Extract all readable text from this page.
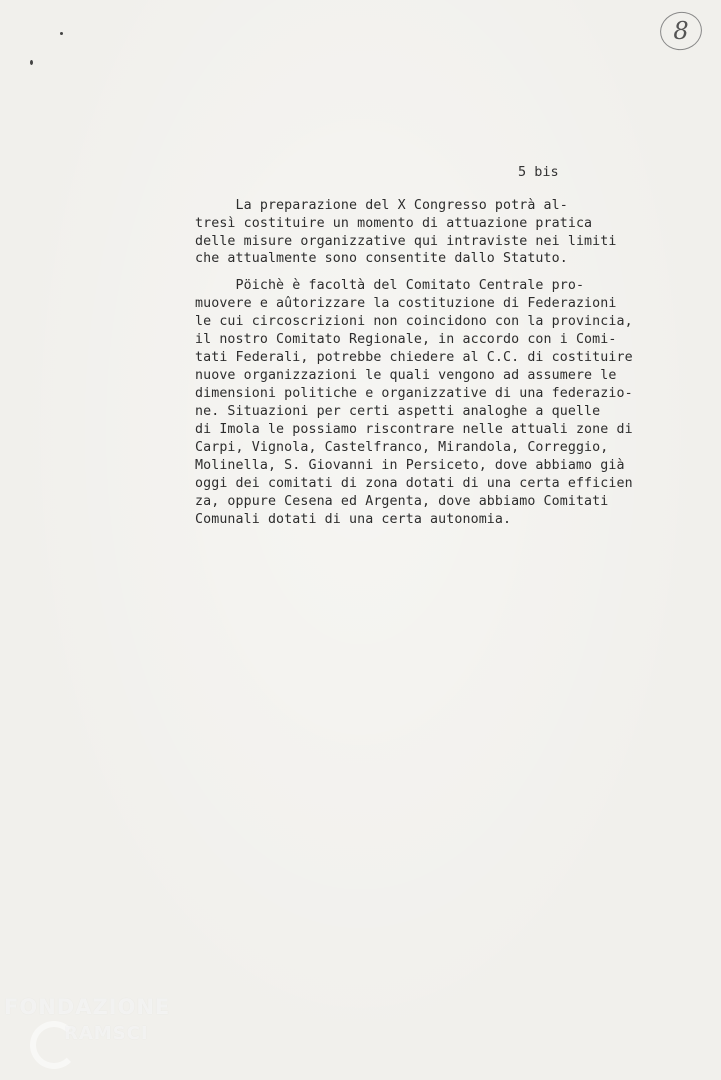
8
5 bis
La preparazione del X Congresso potrà al-
tresì costituire un momento di attuazione pratica
delle misure organizzative qui intraviste nei limiti
che attualmente sono consentite dallo Statuto.
Pöichè è facoltà del Comitato Centrale pro-
muovere e aûtorizzare la costituzione di Federazioni
le cui circoscrizioni non coincidono con la provincia,
il nostro Comitato Regionale, in accordo con i Comi-
tati Federali, potrebbe chiedere al C.C. di costituire
nuove organizzazioni le quali vengono ad assumere le
dimensioni politiche e organizzative di una federazio-
ne. Situazioni per certi aspetti analoghe a quelle
di Imola le possiamo riscontrare nelle attuali zone di
Carpi, Vignola, Castelfranco, Mirandola, Correggio,
Molinella, S. Giovanni in Persiceto, dove abbiamo già
oggi dei comitati di zona dotati di una certa efficien
za, oppure Cesena ed Argenta, dove abbiamo Comitati
Comunali dotati di una certa autonomia.
FONDAZIONE
RAMSCI
